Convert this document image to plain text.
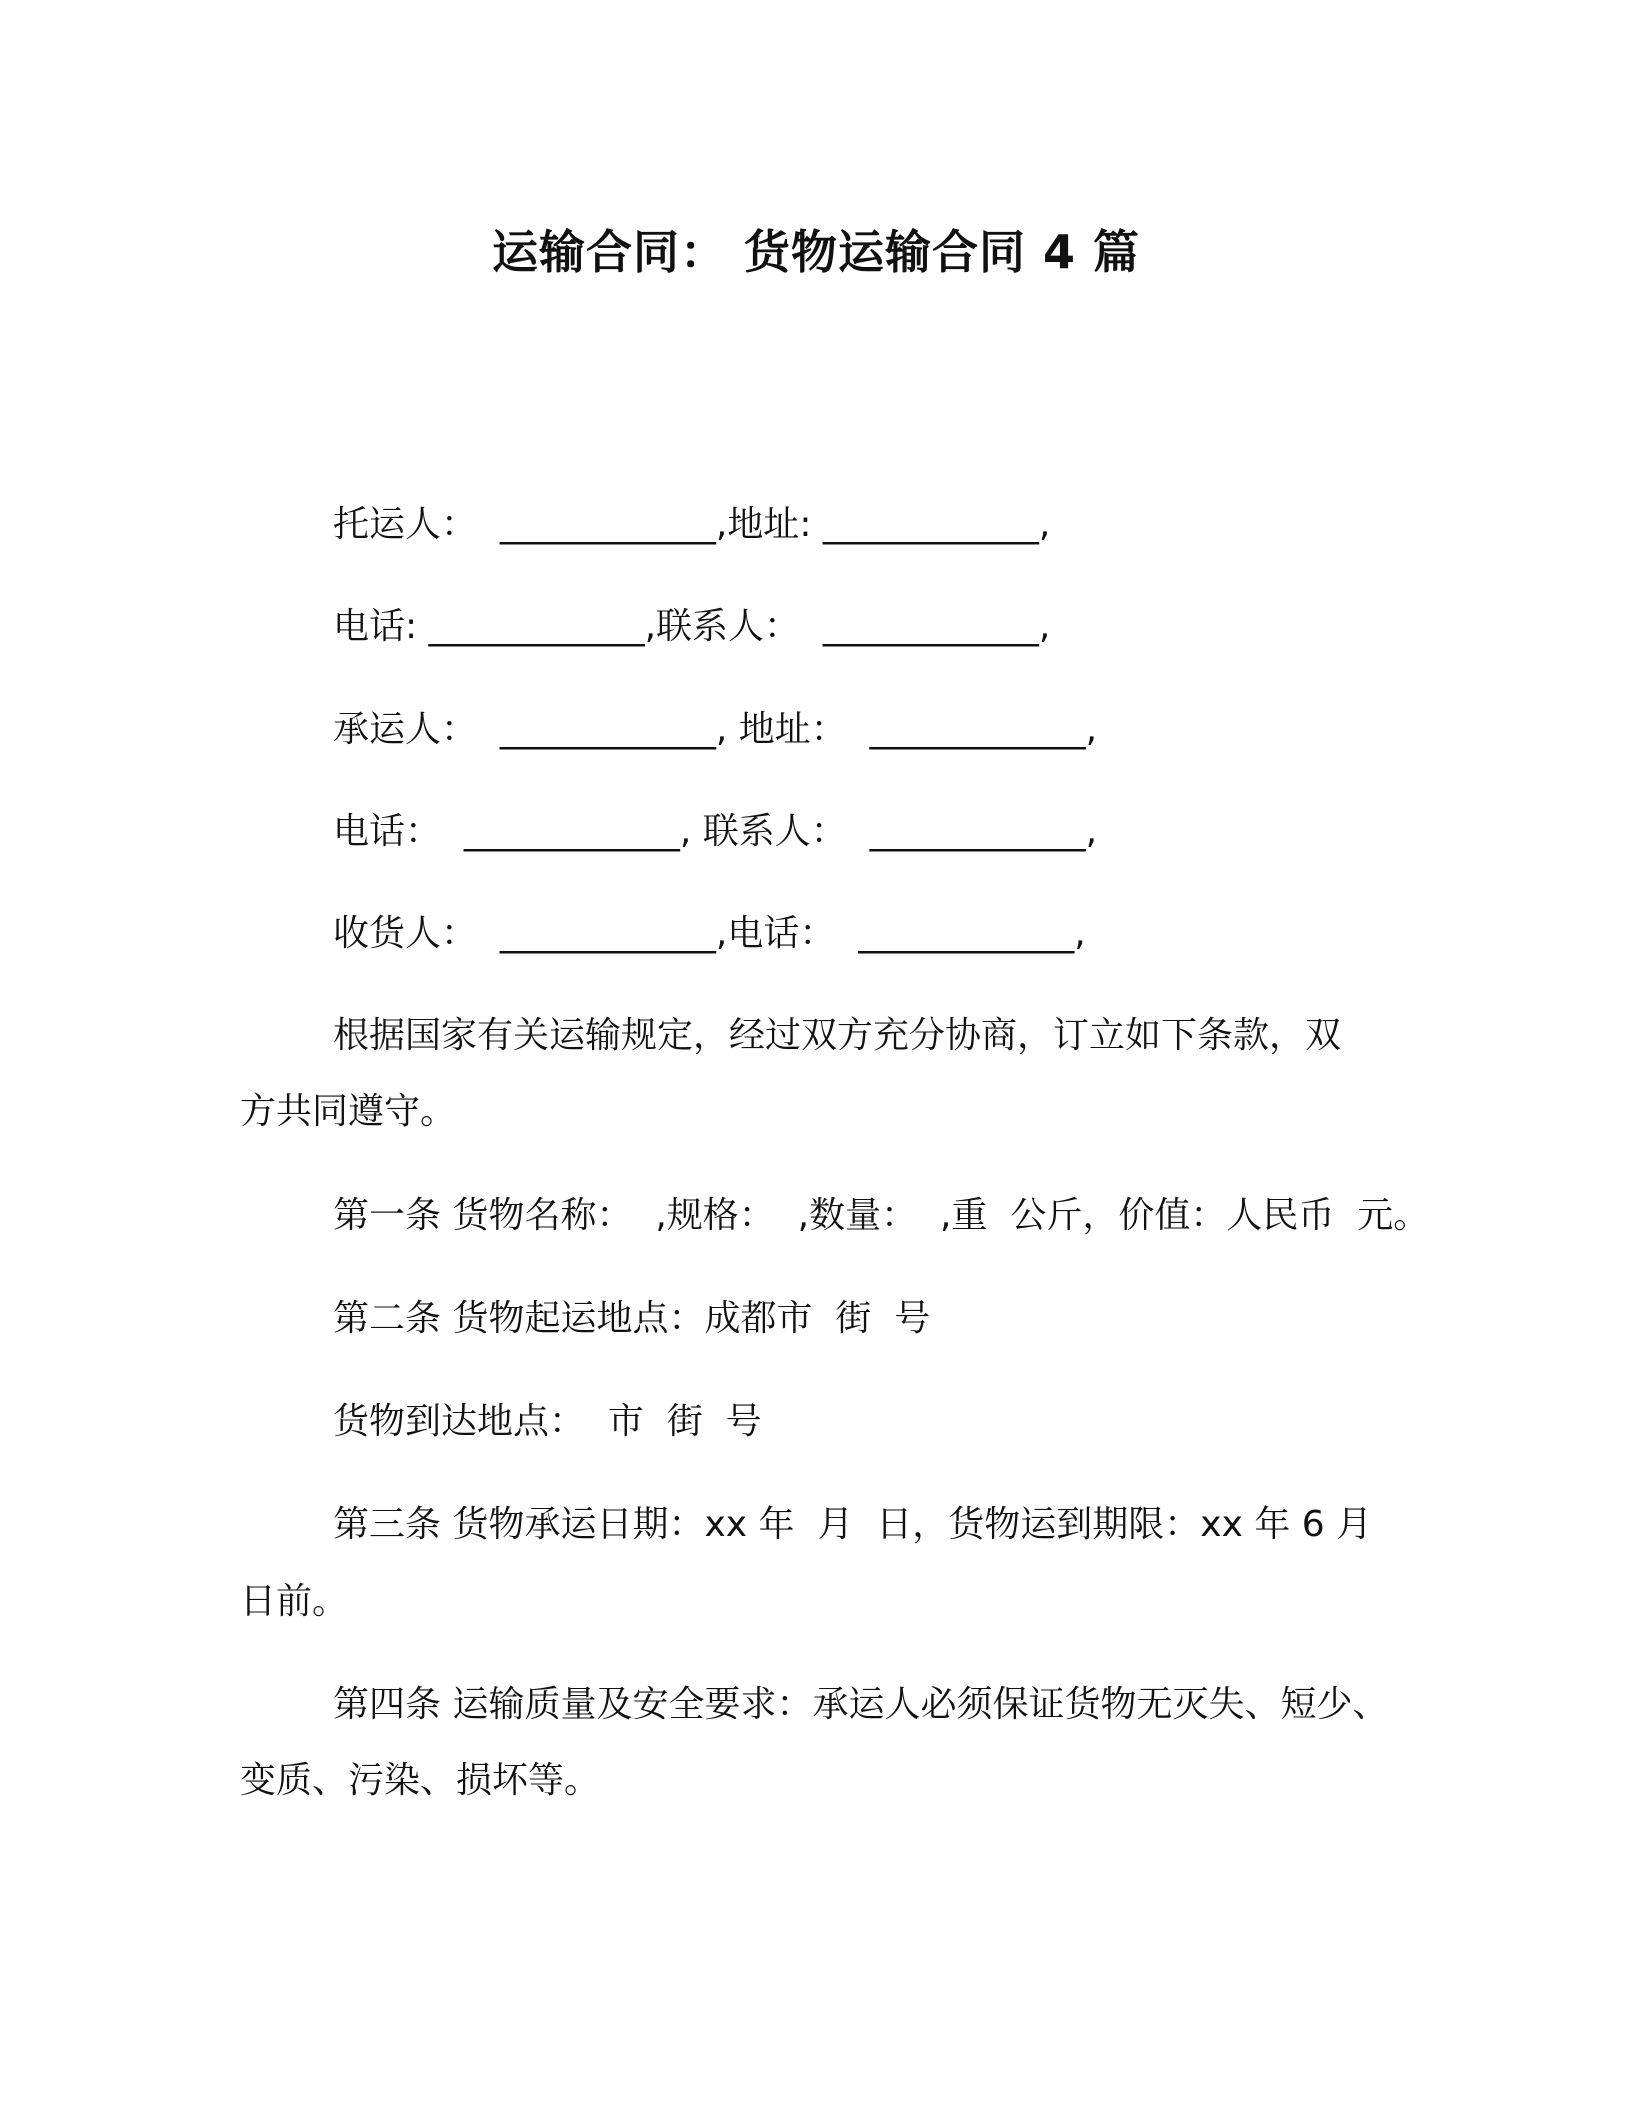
运输合同： 货物运输合同 4 篇
托运人：  ____________,地址: ____________,
电话: ____________,联系人：  ____________,
承运人：  ____________, 地址：  ____________,
电话：  ____________, 联系人：  ____________,
收货人：  ____________,电话：  ____________,
根据国家有关运输规定，经过双方充分协商，订立如下条款，双
方共同遵守。
第一条 货物名称：  ,规格：  ,数量：  ,重  公斤，价值：人民币  元。
第二条 货物起运地点：成都市  街  号
货物到达地点：  市  街  号
第三条 货物承运日期：xx 年  月  日，货物运到期限：xx 年 6 月
日前。
第四条 运输质量及安全要求：承运人必须保证货物无灭失、短少、
变质、污染、损坏等。
